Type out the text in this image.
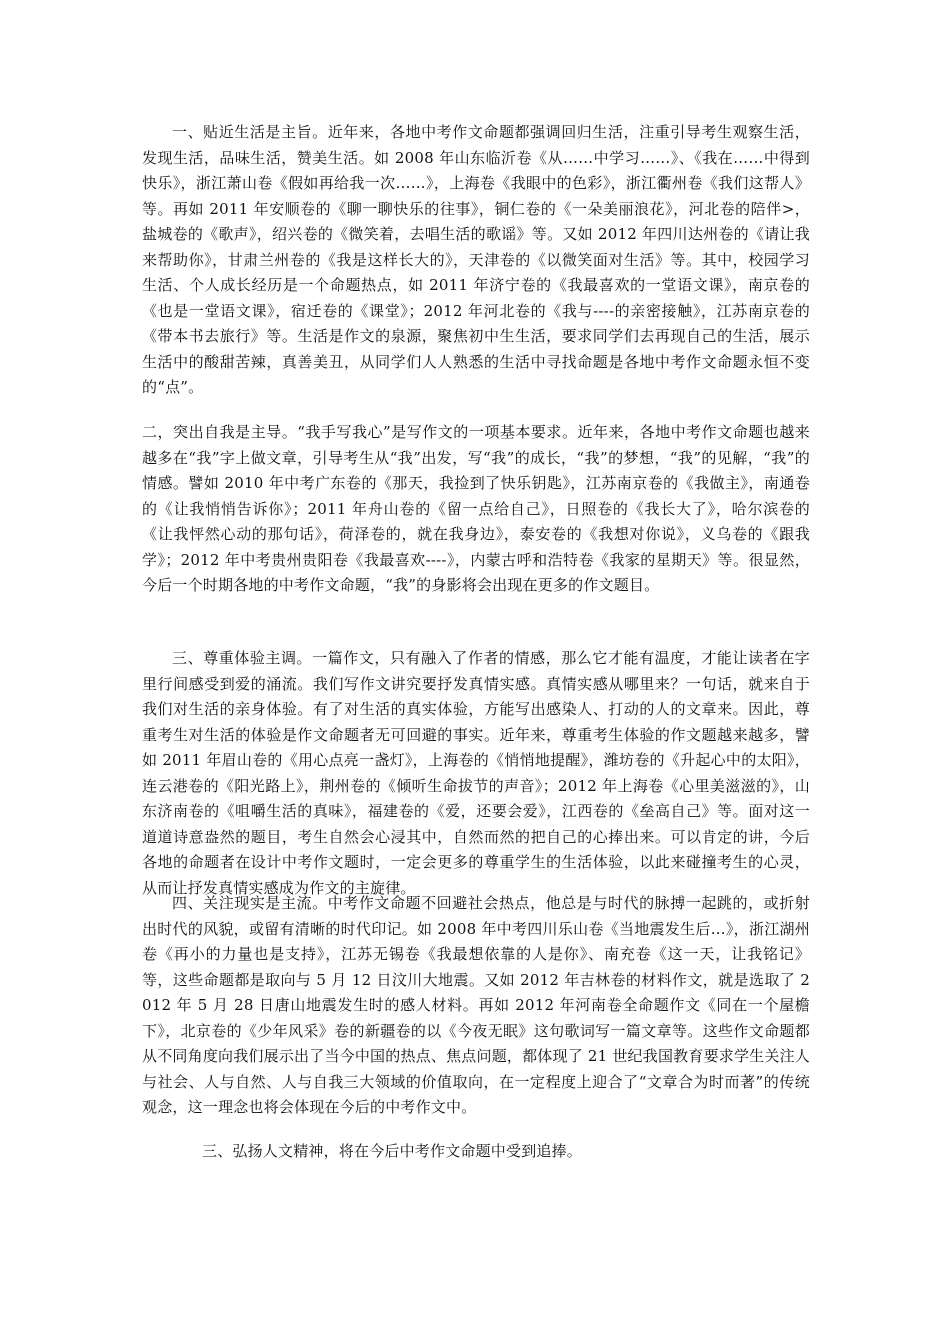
一、贴近生活是主旨。近年来，各地中考作文命题都强调回归生活，注重引导考生观察生活，发现生活，品味生活，赞美生活。如 2008 年山东临沂卷《从……中学习……》、《我在……中得到快乐》，浙江萧山卷《假如再给我一次……》，上海卷《我眼中的色彩》，浙江衢州卷《我们这帮人》等。再如 2011 年安顺卷的《聊一聊快乐的往事》，铜仁卷的《一朵美丽浪花》，河北卷的陪伴>，盐城卷的《歌声》，绍兴卷的《微笑着，去唱生活的歌谣》等。又如 2012 年四川达州卷的《请让我来帮助你》，甘肃兰州卷的《我是这样长大的》，天津卷的《以微笑面对生活》等。其中，校园学习生活、个人成长经历是一个命题热点，如 2011 年济宁卷的《我最喜欢的一堂语文课》，南京卷的《也是一堂语文课》，宿迁卷的《课堂》；2012 年河北卷的《我与----的亲密接触》，江苏南京卷的《带本书去旅行》等。生活是作文的泉源，聚焦初中生生活，要求同学们去再现自己的生活，展示生活中的酸甜苦辣，真善美丑，从同学们人人熟悉的生活中寻找命题是各地中考作文命题永恒不变的“点”。

二，突出自我是主导。“我手写我心”是写作文的一项基本要求。近年来，各地中考作文命题也越来越多在“我”字上做文章，引导考生从“我”出发，写“我”的成长，“我”的梦想，“我”的见解，“我”的情感。譬如 2010 年中考广东卷的《那天，我捡到了快乐钥匙》，江苏南京卷的《我做主》，南通卷的《让我悄悄告诉你》；2011 年舟山卷的《留一点给自己》，日照卷的《我长大了》，哈尔滨卷的《让我怦然心动的那句话》，荷泽卷的，就在我身边》，泰安卷的《我想对你说》，义乌卷的《跟我学》；2012 年中考贵州贵阳卷《我最喜欢----》，内蒙古呼和浩特卷《我家的星期天》等。很显然，今后一个时期各地的中考作文命题，“我”的身影将会出现在更多的作文题目。

三、尊重体验主调。一篇作文，只有融入了作者的情感，那么它才能有温度，才能让读者在字里行间感受到爱的涌流。我们写作文讲究要抒发真情实感。真情实感从哪里来？一句话，就来自于我们对生活的亲身体验。有了对生活的真实体验，方能写出感染人、打动的人的文章来。因此，尊重考生对生活的体验是作文命题者无可回避的事实。近年来，尊重考生体验的作文题越来越多，譬如 2011 年眉山卷的《用心点亮一盏灯》，上海卷的《悄悄地提醒》，潍坊卷的《升起心中的太阳》，连云港卷的《阳光路上》，荆州卷的《倾听生命拔节的声音》；2012 年上海卷《心里美滋滋的》，山东济南卷的《咀嚼生活的真味》，福建卷的《爱，还要会爱》，江西卷的《垒高自己》等。面对这一道道诗意盎然的题目，考生自然会心浸其中，自然而然的把自己的心捧出来。可以肯定的讲，今后各地的命题者在设计中考作文题时，一定会更多的尊重学生的生活体验，以此来碰撞考生的心灵，从而让抒发真情实感成为作文的主旋律。

四、关注现实是主流。中考作文命题不回避社会热点，他总是与时代的脉搏一起跳的，或折射出时代的风貌，或留有清晰的时代印记。如 2008 年中考四川乐山卷《当地震发生后…》，浙江湖州卷《再小的力量也是支持》，江苏无锡卷《我最想依靠的人是你》、南充卷《这一天，让我铭记》等，这些命题都是取向与 5 月 12 日汶川大地震。又如 2012 年吉林卷的材料作文，就是选取了 2012 年 5 月 28 日唐山地震发生时的感人材料。再如 2012 年河南卷全命题作文《同在一个屋檐下》，北京卷的《少年风采》卷的新疆卷的以《今夜无眠》这句歌词写一篇文章等。这些作文命题都从不同角度向我们展示出了当今中国的热点、焦点问题，都体现了 21 世纪我国教育要求学生关注人与社会、人与自然、人与自我三大领域的价值取向，在一定程度上迎合了“文章合为时而著”的传统观念，这一理念也将会体现在今后的中考作文中。

三、弘扬人文精神，将在今后中考作文命题中受到追捧。
